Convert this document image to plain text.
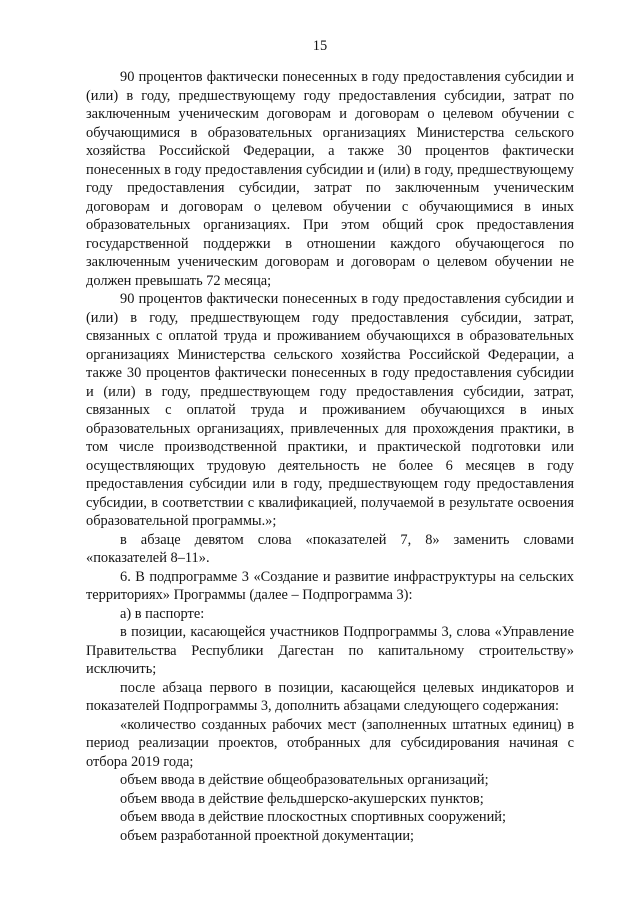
15

90 процентов фактически понесенных в году предоставления субсидии и (или) в году, предшествующему году предоставления субсидии, затрат по заключенным ученическим договорам и договорам о целевом обучении с обучающимися в образовательных организациях Министерства сельского хозяйства Российской Федерации, а также 30 процентов фактически понесенных в году предоставления субсидии и (или) в году, предшествующему году предоставления субсидии, затрат по заключенным ученическим договорам и договорам о целевом обучении с обучающимися в иных образовательных организациях. При этом общий срок предоставления государственной поддержки в отношении каждого обучающегося по заключенным ученическим договорам и договорам о целевом обучении не должен превышать 72 месяца;

90 процентов фактически понесенных в году предоставления субсидии и (или) в году, предшествующем году предоставления субсидии, затрат, связанных с оплатой труда и проживанием обучающихся в образовательных организациях Министерства сельского хозяйства Российской Федерации, а также 30 процентов фактически понесенных в году предоставления субсидии и (или) в году, предшествующем году предоставления субсидии, затрат, связанных с оплатой труда и проживанием обучающихся в иных образовательных организациях, привлеченных для прохождения практики, в том числе производственной практики, и практической подготовки или осуществляющих трудовую деятельность не более 6 месяцев в году предоставления субсидии или в году, предшествующем году предоставления субсидии, в соответствии с квалификацией, получаемой в результате освоения образовательной программы.»;

в абзаце девятом слова «показателей 7, 8» заменить словами «показателей 8–11».

6. В подпрограмме 3 «Создание и развитие инфраструктуры на сельских территориях» Программы (далее – Подпрограмма 3):

а) в паспорте:

в позиции, касающейся участников Подпрограммы 3, слова «Управление Правительства Республики Дагестан по капитальному строительству» исключить;

после абзаца первого в позиции, касающейся целевых индикаторов и показателей Подпрограммы 3, дополнить абзацами следующего содержания:

«количество созданных рабочих мест (заполненных штатных единиц) в период реализации проектов, отобранных для субсидирования начиная с отбора 2019 года;

объем ввода в действие общеобразовательных организаций;

объем ввода в действие фельдшерско-акушерских пунктов;

объем ввода в действие плоскостных спортивных сооружений;

объем разработанной проектной документации;
